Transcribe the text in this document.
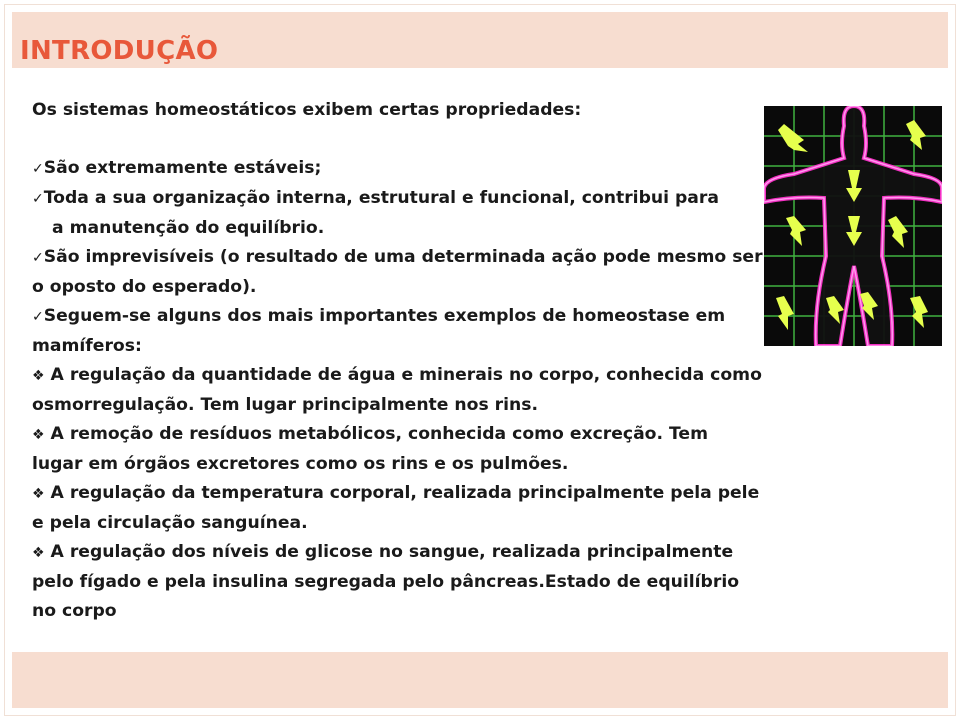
INTRODUÇÃO
Os sistemas homeostáticos exibem certas propriedades:
✓São extremamente estáveis;
✓Toda a sua organização interna, estrutural e funcional, contribui para
a manutenção do equilíbrio.
✓São imprevisíveis (o resultado de uma determinada ação pode mesmo ser
o oposto do esperado).
✓Seguem-se alguns dos mais importantes exemplos de homeostase em
mamíferos:
❖ A regulação da quantidade de água e minerais no corpo, conhecida como
osmorregulação. Tem lugar principalmente nos rins.
❖ A remoção de resíduos metabólicos, conhecida como excreção. Tem
lugar em órgãos excretores como os rins e os pulmões.
❖ A regulação da temperatura corporal, realizada principalmente pela pele
e pela circulação sanguínea.
❖ A regulação dos níveis de glicose no sangue, realizada principalmente
pelo fígado e pela insulina segregada pelo pâncreas.Estado de equilíbrio
no corpo
